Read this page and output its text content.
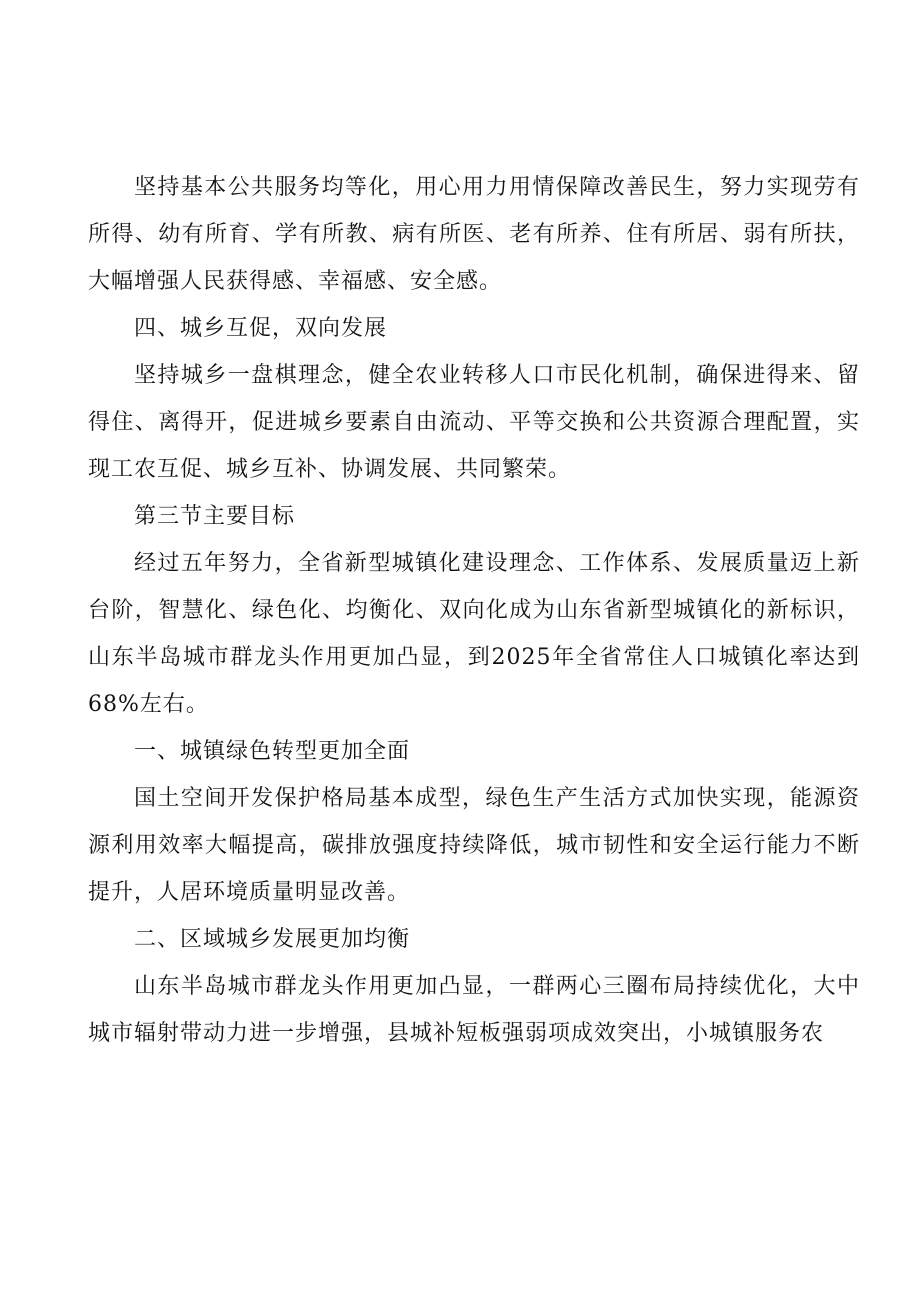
坚持基本公共服务均等化，用心用力用情保障改善民生，努力实现劳有所得、幼有所育、学有所教、病有所医、老有所养、住有所居、弱有所扶，大幅增强人民获得感、幸福感、安全感。

四、城乡互促，双向发展

坚持城乡一盘棋理念，健全农业转移人口市民化机制，确保进得来、留得住、离得开，促进城乡要素自由流动、平等交换和公共资源合理配置，实现工农互促、城乡互补、协调发展、共同繁荣。

第三节主要目标

经过五年努力，全省新型城镇化建设理念、工作体系、发展质量迈上新台阶，智慧化、绿色化、均衡化、双向化成为山东省新型城镇化的新标识，山东半岛城市群龙头作用更加凸显，到2025年全省常住人口城镇化率达到68%左右。

一、城镇绿色转型更加全面

国土空间开发保护格局基本成型，绿色生产生活方式加快实现，能源资源利用效率大幅提高，碳排放强度持续降低，城市韧性和安全运行能力不断提升，人居环境质量明显改善。

二、区域城乡发展更加均衡

山东半岛城市群龙头作用更加凸显，一群两心三圈布局持续优化，大中城市辐射带动力进一步增强，县城补短板强弱项成效突出，小城镇服务农
